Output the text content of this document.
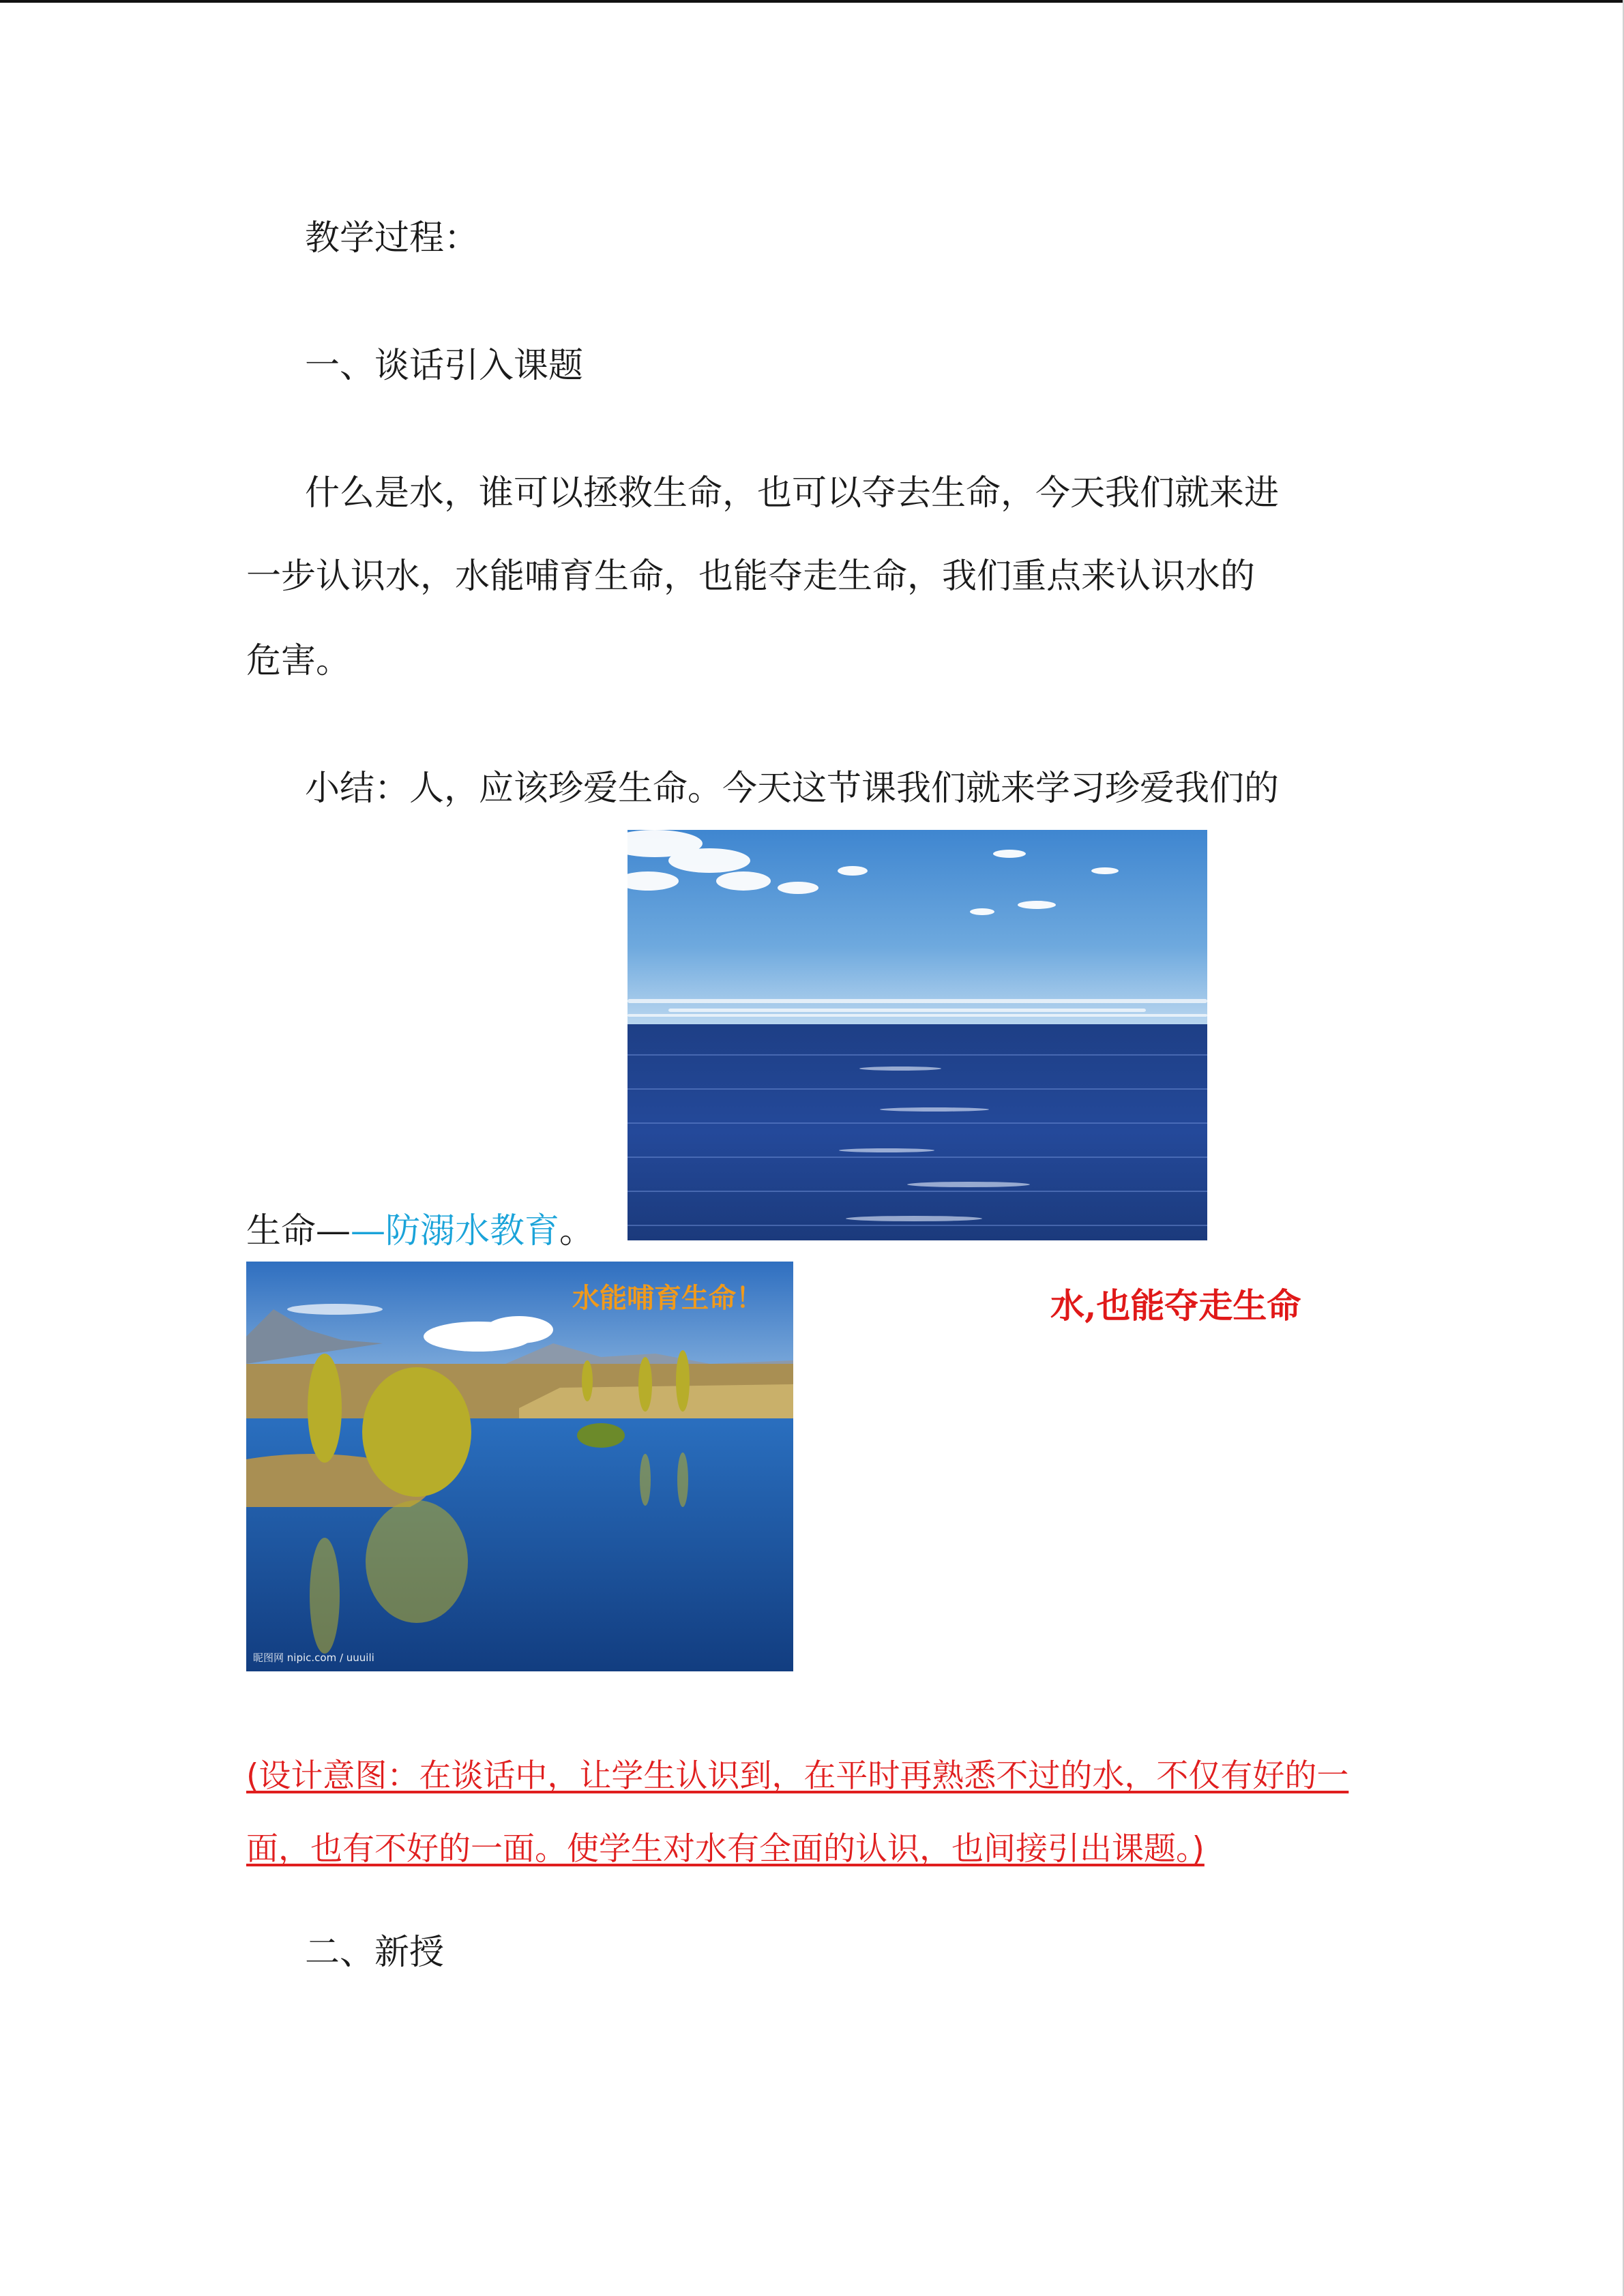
教学过程：

一、谈话引入课题

什么是水，谁可以拯救生命，也可以夺去生命，今天我们就来进

一步认识水，水能哺育生命，也能夺走生命，我们重点来认识水的

危害。

小结：人，应该珍爱生命。今天这节课我们就来学习珍爱我们的

生命——防溺水教育。

水能哺育生命！
昵图网 nipic.com / uuuili
水,也能夺走生命

(设计意图：在谈话中，让学生认识到，在平时再熟悉不过的水，不仅有好的一

面，也有不好的一面。使学生对水有全面的认识，也间接引出课题。)

二、新授
